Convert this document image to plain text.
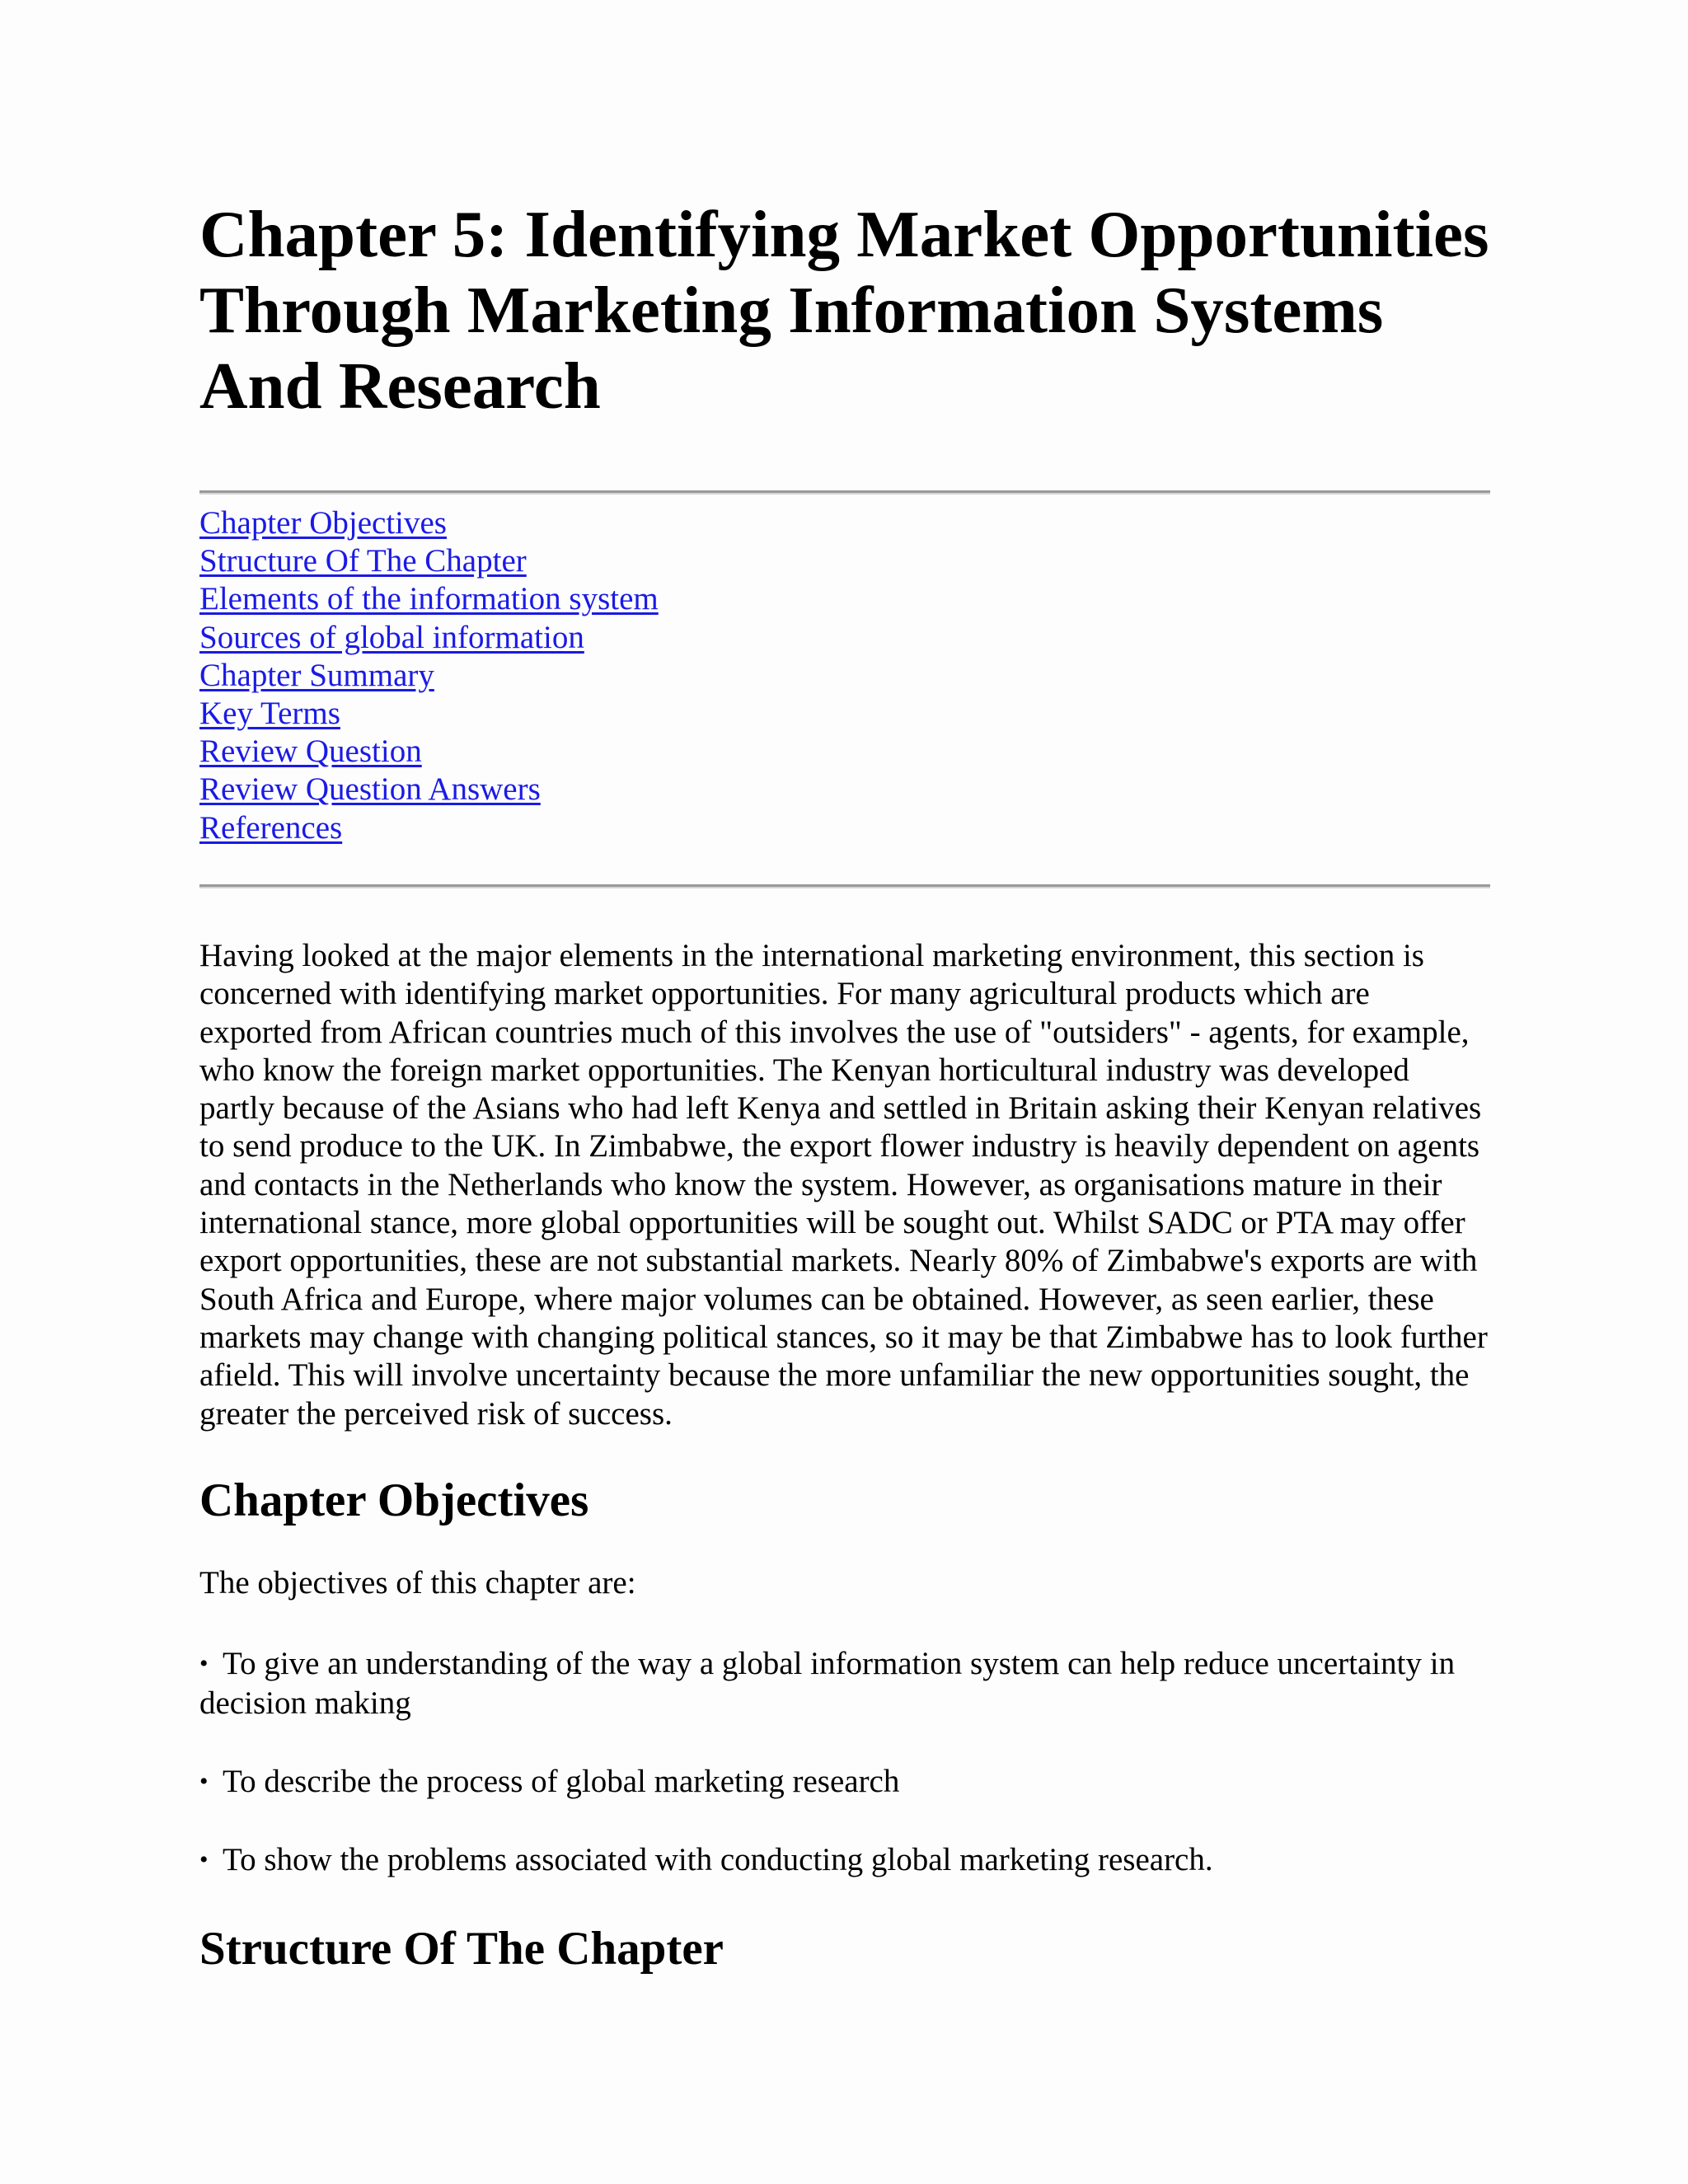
Chapter 5: Identifying Market Opportunities Through Marketing Information Systems And Research
Chapter Objectives
Structure Of The Chapter
Elements of the information system
Sources of global information
Chapter Summary
Key Terms
Review Question
Review Question Answers
References

Having looked at the major elements in the international marketing environment, this section is concerned with identifying market opportunities. For many agricultural products which are exported from African countries much of this involves the use of "outsiders" - agents, for example, who know the foreign market opportunities. The Kenyan horticultural industry was developed partly because of the Asians who had left Kenya and settled in Britain asking their Kenyan relatives to send produce to the UK. In Zimbabwe, the export flower industry is heavily dependent on agents and contacts in the Netherlands who know the system. However, as organisations mature in their international stance, more global opportunities will be sought out. Whilst SADC or PTA may offer export opportunities, these are not substantial markets. Nearly 80% of Zimbabwe's exports are with South Africa and Europe, where major volumes can be obtained. However, as seen earlier, these markets may change with changing political stances, so it may be that Zimbabwe has to look further afield. This will involve uncertainty because the more unfamiliar the new opportunities sought, the greater the perceived risk of success.

Chapter Objectives

The objectives of this chapter are:

• To give an understanding of the way a global information system can help reduce uncertainty in decision making

• To describe the process of global marketing research

• To show the problems associated with conducting global marketing research.

Structure Of The Chapter
